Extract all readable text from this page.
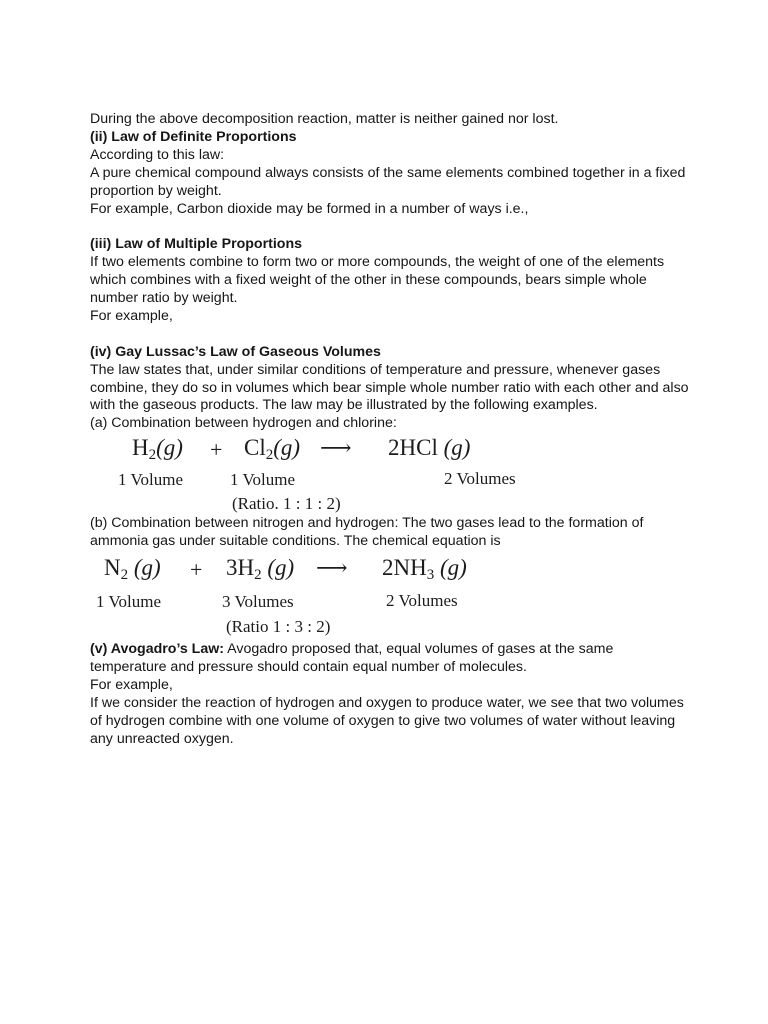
During the above decomposition reaction, matter is neither gained nor lost.

(ii) Law of Definite Proportions

According to this law:

A pure chemical compound always consists of the same elements combined together in a fixed proportion by weight.

For example, Carbon dioxide may be formed in a number of ways i.e.,

(iii) Law of Multiple Proportions

If two elements combine to form two or more compounds, the weight of one of the elements which combines with a fixed weight of the other in these compounds, bears simple whole number ratio by weight.

For example,

(iv) Gay Lussac’s Law of Gaseous Volumes

The law states that, under similar conditions of temperature and pressure, whenever gases combine, they do so in volumes which bear simple whole number ratio with each other and also with the gaseous products. The law may be illustrated by the following examples.

(a) Combination between hydrogen and chlorine:

$H_2(g) + Cl_2(g)$ ⟶ 2HCl (g)
1 Volume	1 Volume	2 Volumes
(Ratio. 1 : 1 : 2)

(b) Combination between nitrogen and hydrogen: The two gases lead to the formation of ammonia gas under suitable conditions. The chemical equation is

$N_2$ $(g) + 3H_2$ (g) ⟶ $2NH_3$ (g)
1 Volume	3 Volumes	2 Volumes
(Ratio 1 : 3 : 2)

(v) Avogadro’s Law: Avogadro proposed that, equal volumes of gases at the same temperature and pressure should contain equal number of molecules.

For example,

If we consider the reaction of hydrogen and oxygen to produce water, we see that two volumes of hydrogen combine with one volume of oxygen to give two volumes of water without leaving any unreacted oxygen.
